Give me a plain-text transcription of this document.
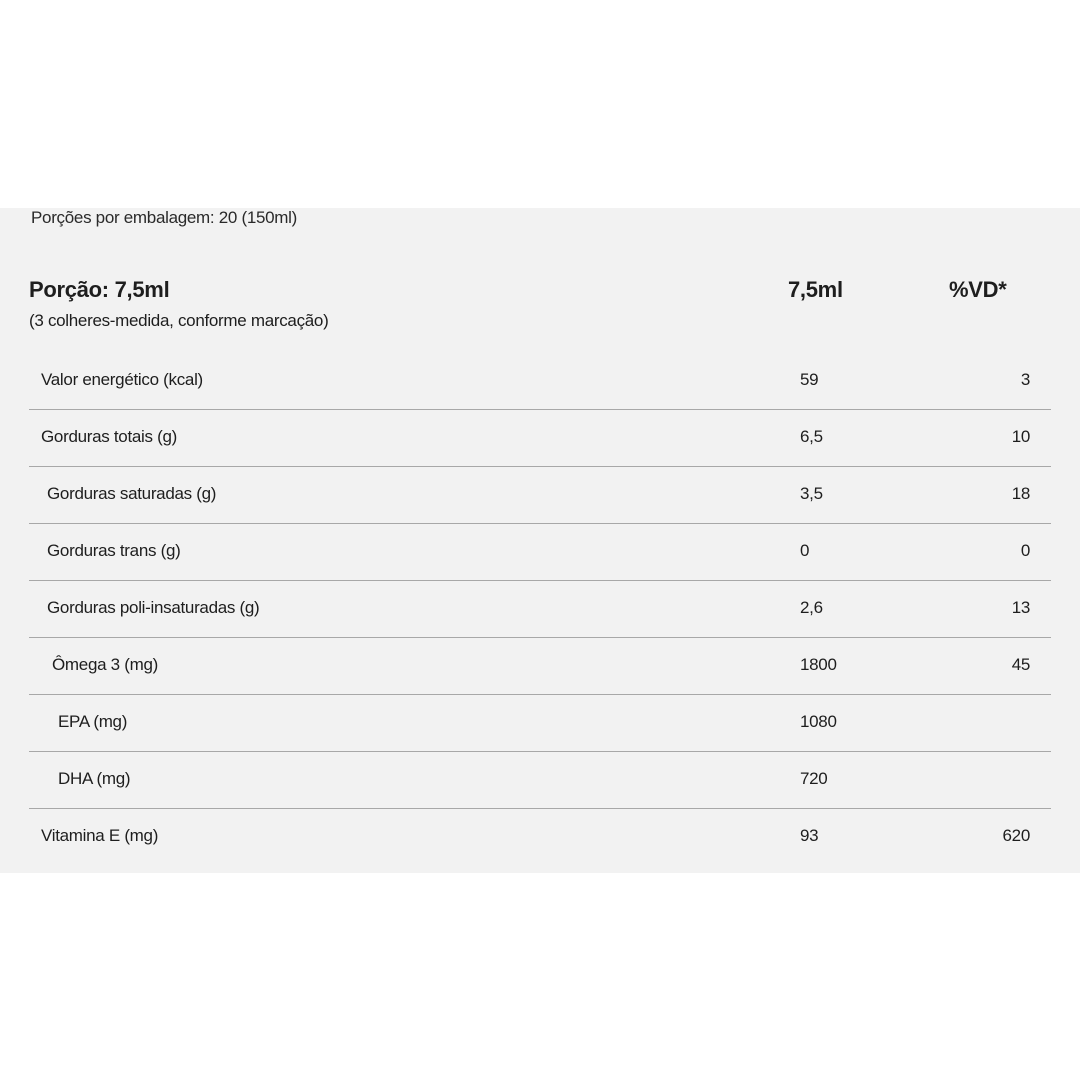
Porções por embalagem: 20 (150ml)
Porção: 7,5ml
(3 colheres-medida, conforme marcação)
7,5ml	%VD*
Valor energético (kcal)	59	3
Gorduras totais (g)	6,5	10
Gorduras saturadas (g)	3,5	18
Gorduras trans (g)	0	0
Gorduras poli-insaturadas (g)	2,6	13
Ômega 3 (mg)	1800	45
EPA (mg)	1080
DHA (mg)	720
Vitamina E (mg)	93	620
